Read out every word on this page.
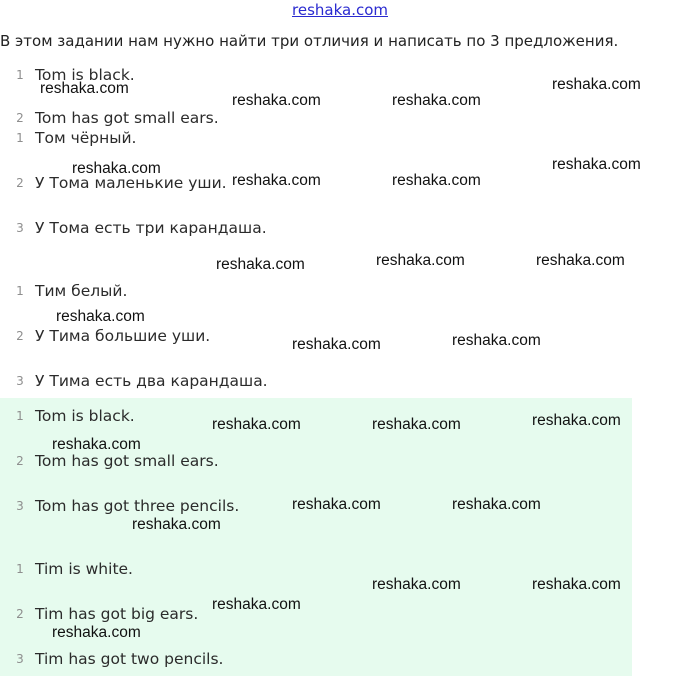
reshaka.com
В этом задании нам нужно найти три отличия и написать по 3 предложения.
1 Tom is black.
2 Tom has got small ears.
1 Том чёрный.
2 У Тома маленькие уши.
3 У Тома есть три карандаша.
1 Тим белый.
2 У Тима большие уши.
3 У Тима есть два карандаша.
1 Tom is black.
2 Tom has got small ears.
3 Tom has got three pencils.
1 Tim is white.
2 Tim has got big ears.
3 Tim has got two pencils.
reshaka.com
reshaka.com	reshaka.com
reshaka.com
reshaka.com
reshaka.com	reshaka.com
reshaka.com
reshaka.com	reshaka.com	reshaka.com
reshaka.com
reshaka.com	reshaka.com
reshaka.com	reshaka.com	reshaka.com
reshaka.com
reshaka.com	reshaka.com
reshaka.com
reshaka.com	reshaka.com
reshaka.com
reshaka.com
